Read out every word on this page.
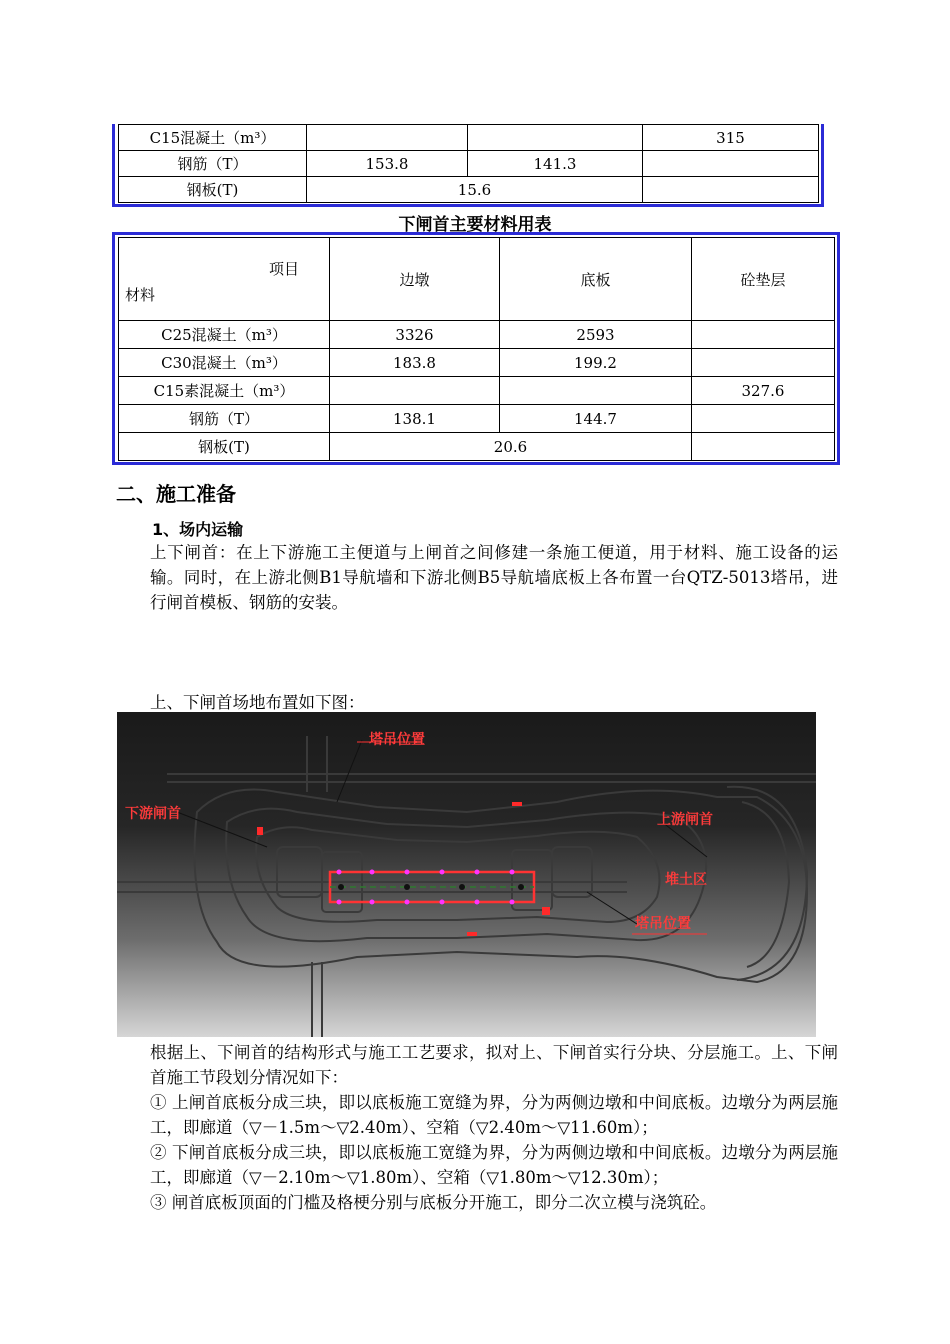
C15混凝土（m³）			315
钢筋（T）	153.8	141.3	
钢板(T)	15.6		
下闸首主要材料用表
项目
材料	边墩	底板	砼垫层
C25混凝土（m³）	3326	2593	
C30混凝土（m³）	183.8	199.2	
C15素混凝土（m³）			327.6
钢筋（T）	138.1	144.7	
钢板(T)	20.6		
二、施工准备
1、场内运输
上下闸首：在上下游施工主便道与上闸首之间修建一条施工便道，用于材料、施工设备的运输。同时，在上游北侧B1导航墙和下游北侧B5导航墙底板上各布置一台QTZ-5013塔吊，进行闸首模板、钢筋的安装。
上、下闸首场地布置如下图：
塔吊位置
下游闸首	上游闸首
堆土区
塔吊位置
根据上、下闸首的结构形式与施工工艺要求，拟对上、下闸首实行分块、分层施工。上、下闸首施工节段划分情况如下：
① 上闸首底板分成三块，即以底板施工宽缝为界，分为两侧边墩和中间底板。边墩分为两层施工，即廊道（▽－1.5m～▽2.40m）、空箱（▽2.40m～▽11.60m）；
② 下闸首底板分成三块，即以底板施工宽缝为界，分为两侧边墩和中间底板。边墩分为两层施工，即廊道（▽－2.10m～▽1.80m）、空箱（▽1.80m～▽12.30m）；
③ 闸首底板顶面的门槛及格梗分别与底板分开施工，即分二次立模与浇筑砼。
